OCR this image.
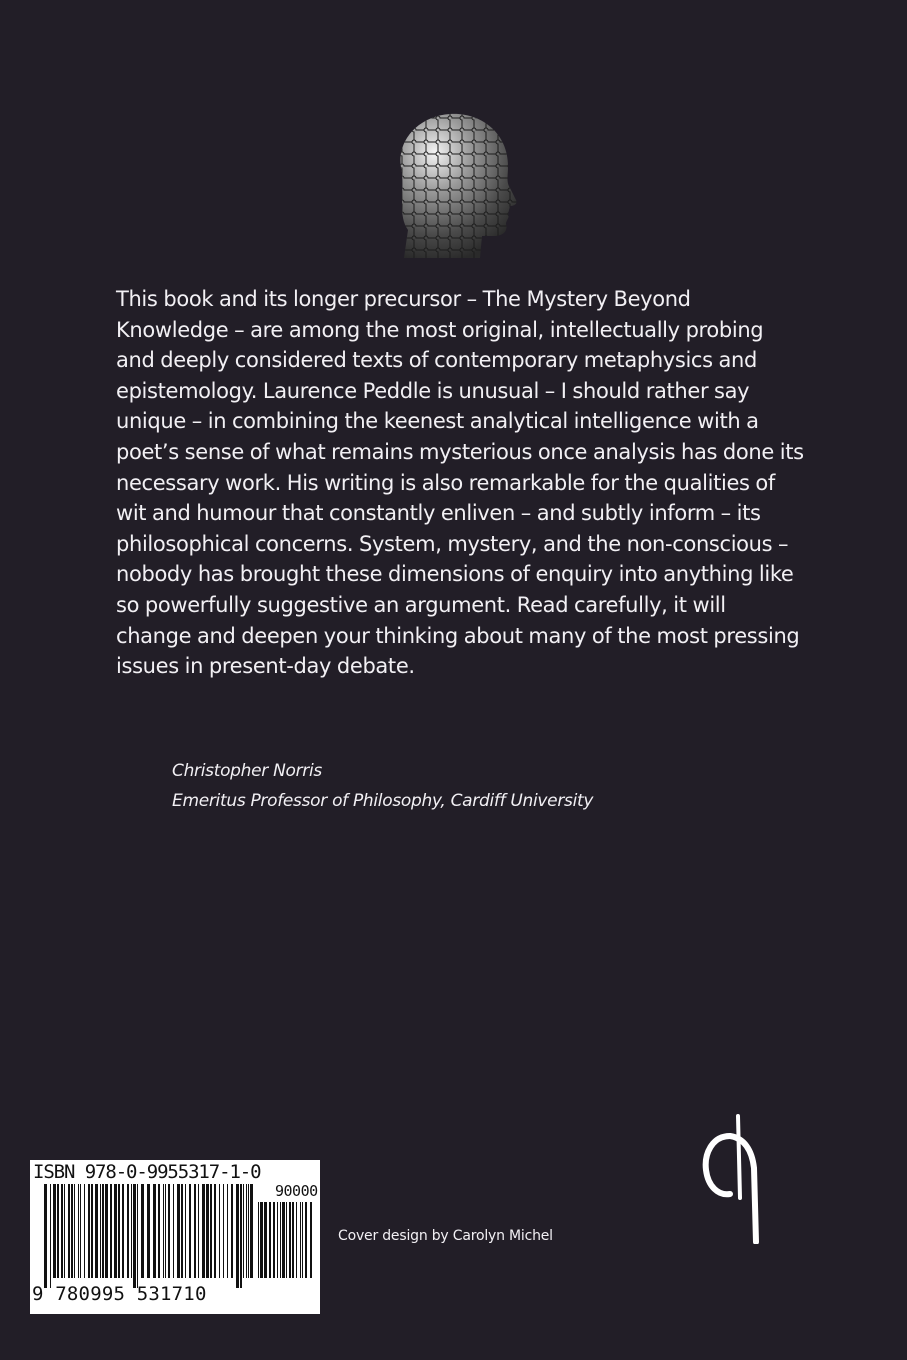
This book and its longer precursor – The Mystery Beyond Knowledge – are among the most original, intellectually probing and deeply considered texts of contemporary metaphysics and epistemology. Laurence Peddle is unusual – I should rather say unique – in combining the keenest analytical intelligence with a poet’s sense of what remains mysterious once analysis has done its necessary work. His writing is also remarkable for the qualities of wit and humour that constantly enliven – and subtly inform – its philosophical concerns. System, mystery, and the non-conscious – nobody has brought these dimensions of enquiry into anything like so powerfully suggestive an argument. Read carefully, it will change and deepen your thinking about many of the most pressing issues in present-day debate.

Christopher Norris
Emeritus Professor of Philosophy, Cardiff University
ISBN 978-0-9955317-1-0
90000
9 780995 531710
Cover design by Carolyn Michel
